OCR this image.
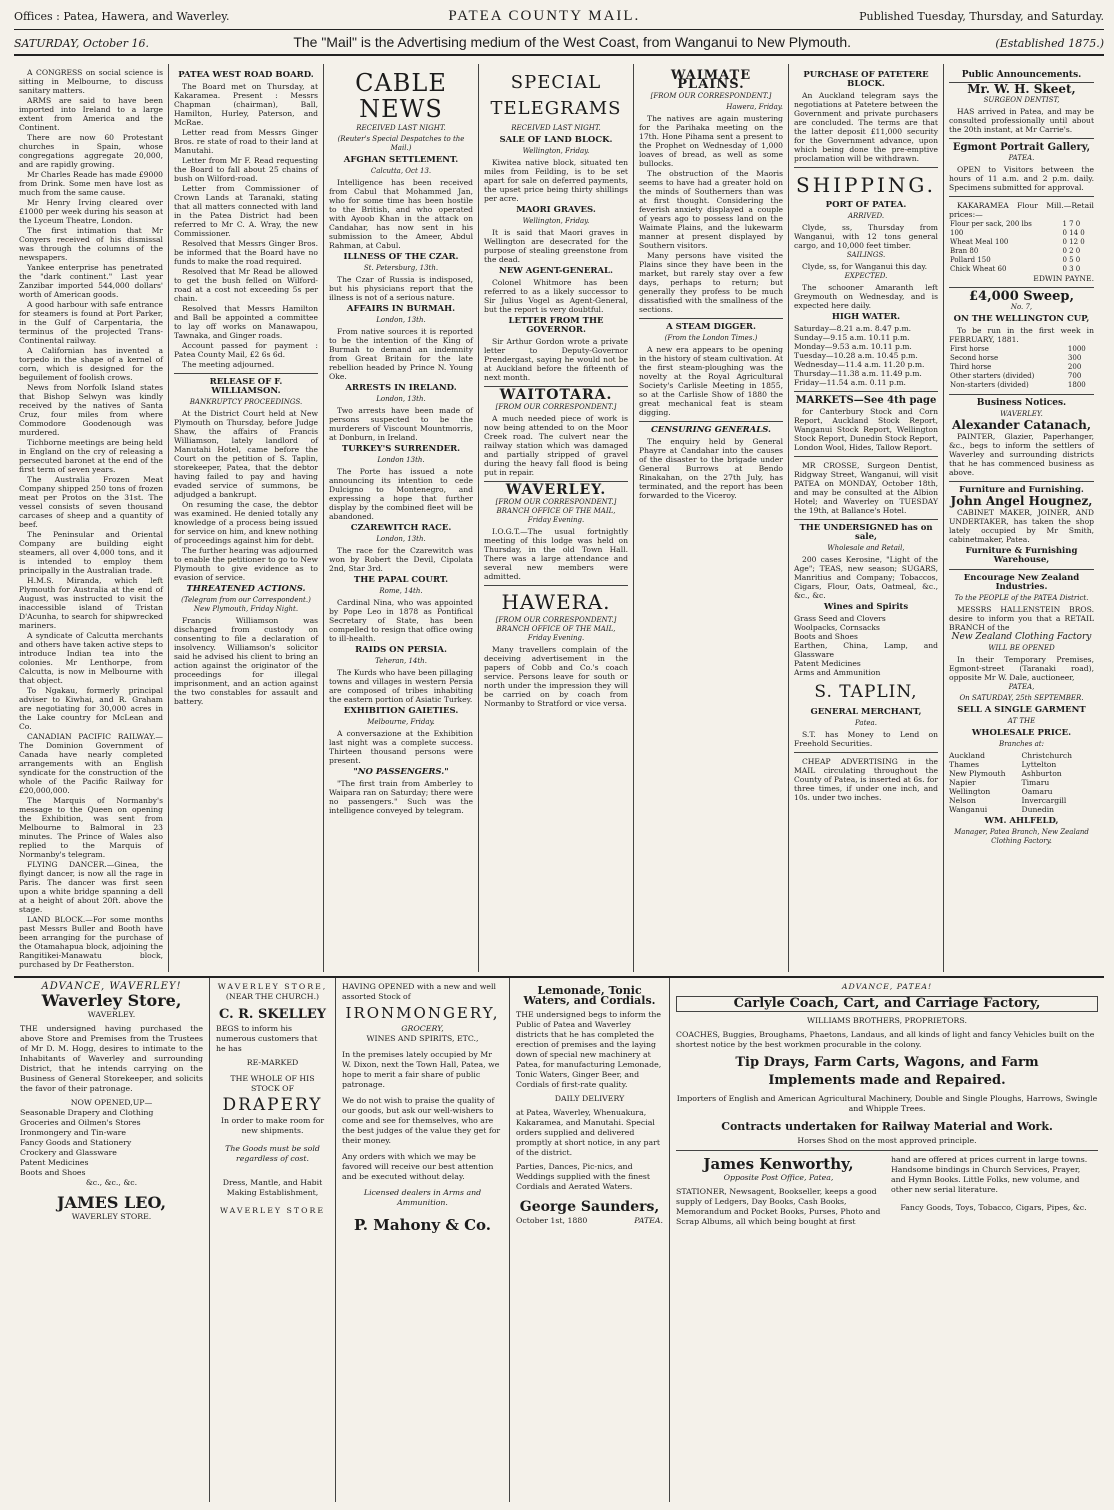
Offices : Patea, Hawera, and Waverley.	PATEA COUNTY MAIL.	Published Tuesday, Thursday, and Saturday.
SATURDAY, October 16.	The "Mail" is the Advertising medium of the West Coast, from Wanganui to New Plymouth.	(Established 1875.)

A CONGRESS on social science is sitting in Melbourne, to discuss sanitary matters.

ARMS are said to have been imported into Ireland to a large extent from America and the Continent.

There are now 60 Protestant churches in Spain, whose congregations aggregate 20,000, and are rapidly growing.

Mr Charles Reade has made £9000 from Drink. Some men have lost as much from the same cause.

Mr Henry Irving cleared over £1000 per week during his season at the Lyceum Theatre, London.

The first intimation that Mr Conyers received of his dismissal was through the columns of the newspapers.

Yankee enterprise has penetrated the "dark continent." Last year Zanzibar imported 544,000 dollars' worth of American goods.

A good harbour with safe entrance for steamers is found at Port Parker, in the Gulf of Carpentaria, the terminus of the projected Trans-Continental railway.

A Californian has invented a torpedo in the shape of a kernel of corn, which is designed for the beguilement of foolish crows.

News from Norfolk Island states that Bishop Selwyn was kindly received by the natives of Santa Cruz, four miles from where Commodore Goodenough was murdered.

Tichborne meetings are being held in England on the cry of releasing a persecuted baronet at the end of the first term of seven years.

The Australia Frozen Meat Company shipped 250 tons of frozen meat per Protos on the 31st. The vessel consists of seven thousand carcases of sheep and a quantity of beef.

The Peninsular and Oriental Company are building eight steamers, all over 4,000 tons, and it is intended to employ them principally in the Australian trade.

H.M.S. Miranda, which left Plymouth for Australia at the end of August, was instructed to visit the inaccessible island of Tristan D'Acunha, to search for shipwrecked mariners.

A syndicate of Calcutta merchants and others have taken active steps to introduce Indian tea into the colonies. Mr Lenthorpe, from Calcutta, is now in Melbourne with that object.

To Ngakau, formerly principal adviser to Kiwhai, and R. Graham are negotiating for 30,000 acres in the Lake country for McLean and Co.

CANADIAN PACIFIC RAILWAY.—The Dominion Government of Canada have nearly completed arrangements with an English syndicate for the construction of the whole of the Pacific Railway for £20,000,000.

The Marquis of Normanby's message to the Queen on opening the Exhibition, was sent from Melbourne to Balmoral in 23 minutes. The Prince of Wales also replied to the Marquis of Normanby's telegram.

FLYING DANCER.—Ginea, the flyingt dancer, is now all the rage in Paris. The dancer was first seen upon a white bridge spanning a dell at a height of about 20ft. above the stage.

LAND BLOCK.—For some months past Messrs Buller and Booth have been arranging for the purchase of the Otamahapua block, adjoining the Rangitikei-Manawatu block, purchased by Dr Featherston.

PATEA WEST ROAD BOARD.

The Board met on Thursday, at Kakaramea. Present : Messrs Chapman (chairman), Ball, Hamilton, Hurley, Paterson, and McRae.

Letter read from Messrs Ginger Bros. re state of road to their land at Manutahi.

Letter from Mr F. Read requesting the Board to fall about 25 chains of bush on Wilford-road.

Letter from Commissioner of Crown Lands at Taranaki, stating that all matters connected with land in the Patea District had been referred to Mr C. A. Wray, the new Commissioner.

Resolved that Messrs Ginger Bros. be informed that the Board have no funds to make the road required.

Resolved that Mr Read be allowed to get the bush felled on Wilford-road at a cost not exceeding 5s per chain.

Resolved that Messrs Hamilton and Ball be appointed a committee to lay off works on Manawapou, Tawnaka, and Ginger roads.

Account passed for payment : Patea County Mail, £2 6s 6d.

The meeting adjourned.

RELEASE OF F. WILLIAMSON.
BANKRUPTCY PROCEEDINGS.

At the District Court held at New Plymouth on Thursday, before Judge Shaw, the affairs of Francis Williamson, lately landlord of Manutahi Hotel, came before the Court on the petition of S. Taplin, storekeeper, Patea, that the debtor having failed to pay and having evaded service of summons, be adjudged a bankrupt.

On resuming the case, the debtor was examined. He denied totally any knowledge of a process being issued for service on him, and knew nothing of proceedings against him for debt.

The further hearing was adjourned to enable the petitioner to go to New Plymouth to give evidence as to evasion of service.

THREATENED ACTIONS.
(Telegram from our Correspondent.) New Plymouth, Friday Night.

Francis Williamson was discharged from custody on consenting to file a declaration of insolvency. Williamson's solicitor said he advised his client to bring an action against the originator of the proceedings for illegal imprisonment, and an action against the two constables for assault and battery.

CABLE NEWS
RECEIVED LAST NIGHT.
(Reuter's Special Despatches to the Mail.)
AFGHAN SETTLEMENT.
Calcutta, Oct 13.

Intelligence has been received from Cabul that Mohammed Jan, who for some time has been hostile to the British, and who operated with Ayoob Khan in the attack on Candahar, has now sent in his submission to the Ameer, Abdul Rahman, at Cabul.

ILLNESS OF THE CZAR.
St. Petersburg, 13th.

The Czar of Russia is indisposed, but his physicians report that the illness is not of a serious nature.

AFFAIRS IN BURMAH.
London, 13th.

From native sources it is reported to be the intention of the King of Burmah to demand an indemnity from Great Britain for the late rebellion headed by Prince N. Young Oke.

ARRESTS IN IRELAND.
London, 13th.

Two arrests have been made of persons suspected to be the murderers of Viscount Mountmorris, at Donburn, in Ireland.

TURKEY'S SURRENDER.
London 13th.

The Porte has issued a note announcing its intention to cede Dulcigno to Montenegro, and expressing a hope that further display by the combined fleet will be abandoned.

CZAREWITCH RACE.
London, 13th.

The race for the Czarewitch was won by Robert the Devil, Cipolata 2nd, Star 3rd.

THE PAPAL COURT.
Rome, 14th.

Cardinal Nina, who was appointed by Pope Leo in 1878 as Pontifical Secretary of State, has been compelled to resign that office owing to ill-health.

RAIDS ON PERSIA.
Teheran, 14th.

The Kurds who have been pillaging towns and villages in western Persia are composed of tribes inhabiting the eastern portion of Asiatic Turkey.

EXHIBITION GAIETIES.
Melbourne, Friday.

A conversazione at the Exhibition last night was a complete success. Thirteen thousand persons were present.

"NO PASSENGERS."

"The first train from Amberley to Waipara ran on Saturday; there were no passengers." Such was the intelligence conveyed by telegram.

SPECIAL TELEGRAMS
RECEIVED LAST NIGHT.
SALE OF LAND BLOCK.
Wellington, Friday.

Kiwitea native block, situated ten miles from Feilding, is to be set apart for sale on deferred payments, the upset price being thirty shillings per acre.

MAORI GRAVES.
Wellington, Friday.

It is said that Maori graves in Wellington are desecrated for the purpose of stealing greenstone from the dead.

NEW AGENT-GENERAL.

Colonel Whitmore has been referred to as a likely successor to Sir Julius Vogel as Agent-General, but the report is very doubtful.

LETTER FROM THE GOVERNOR.

Sir Arthur Gordon wrote a private letter to Deputy-Governor Prendergast, saying he would not be at Auckland before the fifteenth of next month.

WAITOTARA.
[FROM OUR CORRESPONDENT.]

A much needed piece of work is now being attended to on the Moor Creek road. The culvert near the railway station which was damaged and partially stripped of gravel during the heavy fall flood is being put in repair.

WAVERLEY.
[FROM OUR CORRESPONDENT.] BRANCH OFFICE OF THE MAIL, Friday Evening.

I.O.G.T.—The usual fortnightly meeting of this lodge was held on Thursday, in the old Town Hall. There was a large attendance and several new members were admitted.

HAWERA.
[FROM OUR CORRESPONDENT.] BRANCH OFFICE OF THE MAIL, Friday Evening.

Many travellers complain of the deceiving advertisement in the papers of Cobb and Co.'s coach service. Persons leave for south or north under the impression they will be carried on by coach from Normanby to Stratford or vice versa.

WAIMATE PLAINS.
[FROM OUR CORRESPONDENT.]
Hawera, Friday.

The natives are again mustering for the Parihaka meeting on the 17th. Hone Pihama sent a present to the Prophet on Wednesday of 1,000 loaves of bread, as well as some bullocks.

The obstruction of the Maoris seems to have had a greater hold on the minds of Southerners than was at first thought. Considering the feverish anxiety displayed a couple of years ago to possess land on the Waimate Plains, and the lukewarm manner at present displayed by Southern visitors.

Many persons have visited the Plains since they have been in the market, but rarely stay over a few days, perhaps to return; but generally they profess to be much dissatisfied with the smallness of the sections.

A STEAM DIGGER.
(From the London Times.)

A new era appears to be opening in the history of steam cultivation. At the first steam-ploughing was the novelty at the Royal Agricultural Society's Carlisle Meeting in 1855, so at the Carlisle Show of 1880 the great mechanical feat is steam digging.

CENSURING GENERALS.

The enquiry held by General Phayre at Candahar into the causes of the disaster to the brigade under General Burrows at Bendo Rinakahan, on the 27th July, has terminated, and the report has been forwarded to the Viceroy.

PURCHASE OF PATETERE BLOCK.

An Auckland telegram says the negotiations at Patetere between the Government and private purchasers are concluded. The terms are that the latter deposit £11,000 security for the Government advance, upon which being done the pre-emptive proclamation will be withdrawn.

SHIPPING.
PORT OF PATEA.
ARRIVED.

Clyde, ss, Thursday from Wanganui, with 12 tons general cargo, and 10,000 feet timber.

SAILINGS.

Clyde, ss, for Wanganui this day.

EXPECTED.

The schooner Amaranth left Greymouth on Wednesday, and is expected here daily.

HIGH WATER.
Saturday—8.21 a.m. 8.47 p.m.
Sunday—9.15 a.m. 10.11 p.m.
Monday—9.53 a.m. 10.11 p.m.
Tuesday—10.28 a.m. 10.45 p.m.
Wednesday—11.4 a.m. 11.20 p.m.
Thursday—11.38 a.m. 11.49 p.m.
Friday—11.54 a.m. 0.11 p.m.
MARKETS—See 4th page

for Canterbury Stock and Corn Report, Auckland Stock Report, Wanganui Stock Report, Wellington Stock Report, Dunedin Stock Report, London Wool, Hides, Tallow Report.

MR CROSSE, Surgeon Dentist, Ridgway Street, Wanganui, will visit PATEA on MONDAY, October 18th, and may be consulted at the Albion Hotel; and Waverley on TUESDAY the 19th, at Ballance's Hotel.

THE UNDERSIGNED has on sale,
Wholesale and Retail,

200 cases Kerosine, "Light of the Age"; TEAS, new season; SUGARS, Manritius and Company; Tobaccos, Cigars, Flour, Oats, Oatmeal, &c., &c., &c.

Wines and Spirits
Grass Seed and Clovers
Woolpacks, Cornsacks
Boots and Shoes
Earthen, China, Lamp, and Glassware
Patent Medicines
Arms and Ammunition
S. TAPLIN,
GENERAL MERCHANT,
Patea.

S.T. has Money to Lend on Freehold Securities.

CHEAP ADVERTISING in the MAIL circulating throughout the County of Patea, is inserted at 6s. for three times, if under one inch, and 10s. under two inches.

Public Announcements.
Mr. W. H. Skeet,
SURGEON DENTIST,

HAS arrived in Patea, and may be consulted professionally until about the 20th instant, at Mr Carrie's.

Egmont Portrait Gallery,
PATEA.

OPEN to Visitors between the hours of 11 a.m. and 2 p.m. daily. Specimens submitted for approval.

KAKARAMEA Flour Mill.—Retail prices:—

Flour per sack, 200 lbs	1 7 0
100	0 14 0
Wheat Meal 100	0 12 0
Bran 80	0 2 0
Pollard 150	0 5 0
Chick Wheat 60	0 3 0
EDWIN PAYNE.
£4,000 Sweep,
No. 7,
ON THE WELLINGTON CUP,

To be run in the first week in FEBRUARY, 1881.

First horse	1000
Second horse	300
Third horse	200
Other starters (divided)	700
Non-starters (divided)	1800
Business Notices.
WAVERLEY.
Alexander Catanach,

PAINTER, Glazier, Paperhanger, &c., begs to inform the settlers of Waverley and surrounding districts that he has commenced business as above.

Furniture and Furnishing.
John Angel Hougnez,

CABINET MAKER, JOINER, AND UNDERTAKER, has taken the shop lately occupied by Mr Smith, cabinetmaker, Patea.

Furniture & Furnishing Warehouse,
Encourage New Zealand Industries.
To the PEOPLE of the PATEA District.

MESSRS HALLENSTEIN BROS. desire to inform you that a RETAIL BRANCH of the

New Zealand Clothing Factory
WILL BE OPENED

In their Temporary Premises, Egmont-street (Taranaki road), opposite Mr W. Dale, auctioneer,

PATEA,
On SATURDAY, 25th SEPTEMBER.
SELL A SINGLE GARMENT
AT THE
WHOLESALE PRICE.
Branches at:
Auckland	Christchurch
Thames	Lyttelton
New Plymouth	Ashburton
Napier	Timaru
Wellington	Oamaru
Nelson	Invercargill
Wanganui	Dunedin
WM. AHLFELD,
Manager, Patea Branch, New Zealand Clothing Factory.
ADVANCE, WAVERLEY!
Waverley Store,
WAVERLEY.

THE undersigned having purchased the above Store and Premises from the Trustees of Mr D. M. Hogg, desires to intimate to the Inhabitants of Waverley and surrounding District, that he intends carrying on the Business of General Storekeeper, and solicits the favor of their patronage.

NOW OPENED,UP—
Seasonable Drapery and Clothing
Groceries and Oilmen's Stores
Ironmongery and Tin-ware
Fancy Goods and Stationery
Crockery and Glassware
Patent Medicines
Boots and Shoes
&c., &c., &c.
JAMES LEO,
WAVERLEY STORE.
WAVERLEY STORE,
(NEAR THE CHURCH.)
C. R. SKELLEY

BEGS to inform his numerous customers that he has

RE-MARKED
THE WHOLE OF HIS STOCK OF
DRAPERY

In order to make room for new shipments.

The Goods must be sold regardless of cost.

Dress, Mantle, and Habit Making Establishment,

WAVERLEY STORE

HAVING OPENED with a new and well assorted Stock of

IRONMONGERY,
GROCERY,
WINES AND SPIRITS, ETC.,

In the premises lately occupied by Mr W. Dixon, next the Town Hall, Patea, we hope to merit a fair share of public patronage.

We do not wish to praise the quality of our goods, but ask our well-wishers to come and see for themselves, who are the best judges of the value they get for their money.

Any orders with which we may be favored will receive our best attention and be executed without delay.

Licensed dealers in Arms and Ammunition.
P. Mahony & Co.
Lemonade, Tonic Waters, and Cordials.

THE undersigned begs to inform the Public of Patea and Waverley districts that he has completed the erection of premises and the laying down of special new machinery at Patea, for manufacturing Lemonade, Tonic Waters, Ginger Beer, and Cordials of first-rate quality.

DAILY DELIVERY

at Patea, Waverley, Whenuakura, Kakaramea, and Manutahi. Special orders supplied and delivered promptly at short notice, in any part of the district.

Parties, Dances, Pic-nics, and Weddings supplied with the finest Cordials and Aerated Waters.

George Saunders,
October 1st, 1880	PATEA.
ADVANCE, PATEA!
Carlyle Coach, Cart, and Carriage Factory,
WILLIAMS BROTHERS, PROPRIETORS.

COACHES, Buggies, Broughams, Phaetons, Landaus, and all kinds of light and fancy Vehicles built on the shortest notice by the best workmen procurable in the colony.

Tip Drays, Farm Carts, Wagons, and Farm
Implements made and Repaired.

Importers of English and American Agricultural Machinery, Double and Single Ploughs, Harrows, Swingle and Whipple Trees.

Contracts undertaken for Railway Material and Work.
Horses Shod on the most approved principle.
James Kenworthy,
Opposite Post Office, Patea,

STATIONER, Newsagent, Bookseller, keeps a good supply of Ledgers, Day Books, Cash Books, Memorandum and Pocket Books, Purses, Photo and Scrap Albums, all which being bought at first

hand are offered at prices current in large towns. Handsome bindings in Church Services, Prayer, and Hymn Books. Little Folks, new volume, and other new serial literature.

Fancy Goods, Toys, Tobacco, Cigars, Pipes, &c.
